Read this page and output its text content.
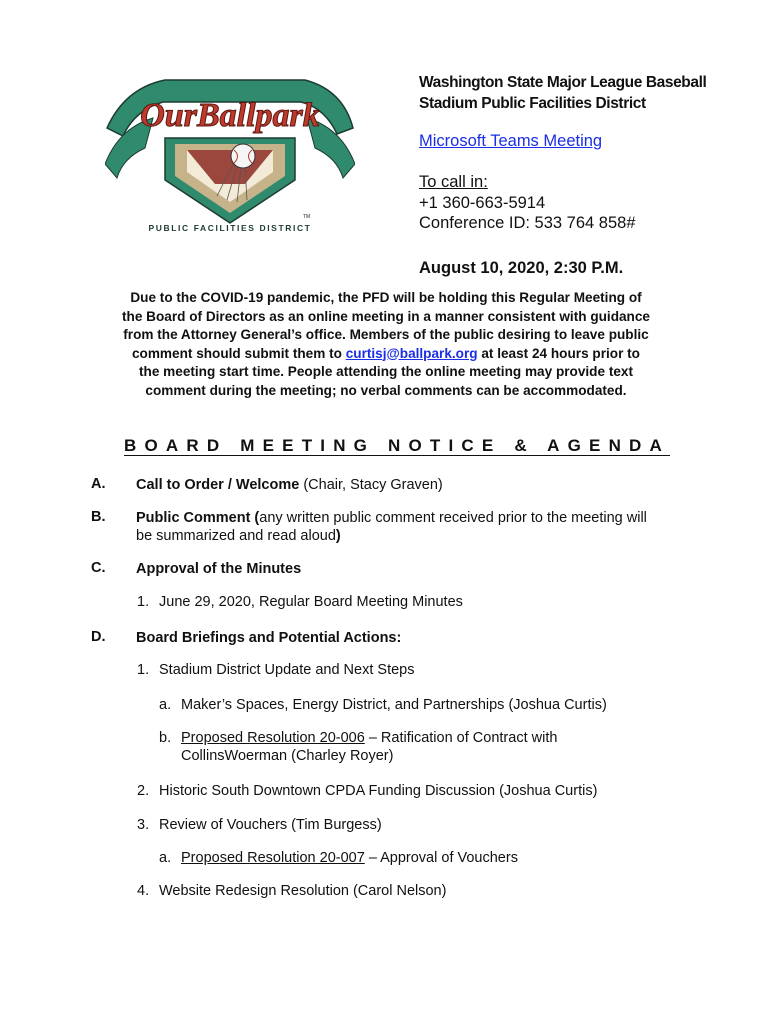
OurBallpark
TM
PUBLIC FACILITIES DISTRICT
Washington State Major League Baseball
Stadium Public Facilities District
Microsoft Teams Meeting
To call in:
+1 360-663-5914
Conference ID: 533 764 858#
August 10, 2020, 2:30 P.M.
Due to the COVID-19 pandemic, the PFD will be holding this Regular Meeting of
the Board of Directors as an online meeting in a manner consistent with guidance
from the Attorney General’s office. Members of the public desiring to leave public
comment should submit them to curtisj@ballpark.org at least 24 hours prior to
the meeting start time. People attending the online meeting may provide text
comment during the meeting; no verbal comments can be accommodated.
BOARD MEETING NOTICE & AGENDA
A. Call to Order / Welcome (Chair, Stacy Graven)
B. Public Comment (any written public comment received prior to the meeting will
be summarized and read aloud)
C. Approval of the Minutes
1. June 29, 2020, Regular Board Meeting Minutes
D. Board Briefings and Potential Actions:
1. Stadium District Update and Next Steps
a. Maker’s Spaces, Energy District, and Partnerships (Joshua Curtis)
b. Proposed Resolution 20-006 – Ratification of Contract with
CollinsWoerman (Charley Royer)
2. Historic South Downtown CPDA Funding Discussion (Joshua Curtis)
3. Review of Vouchers (Tim Burgess)
a. Proposed Resolution 20-007 – Approval of Vouchers
4. Website Redesign Resolution (Carol Nelson)
